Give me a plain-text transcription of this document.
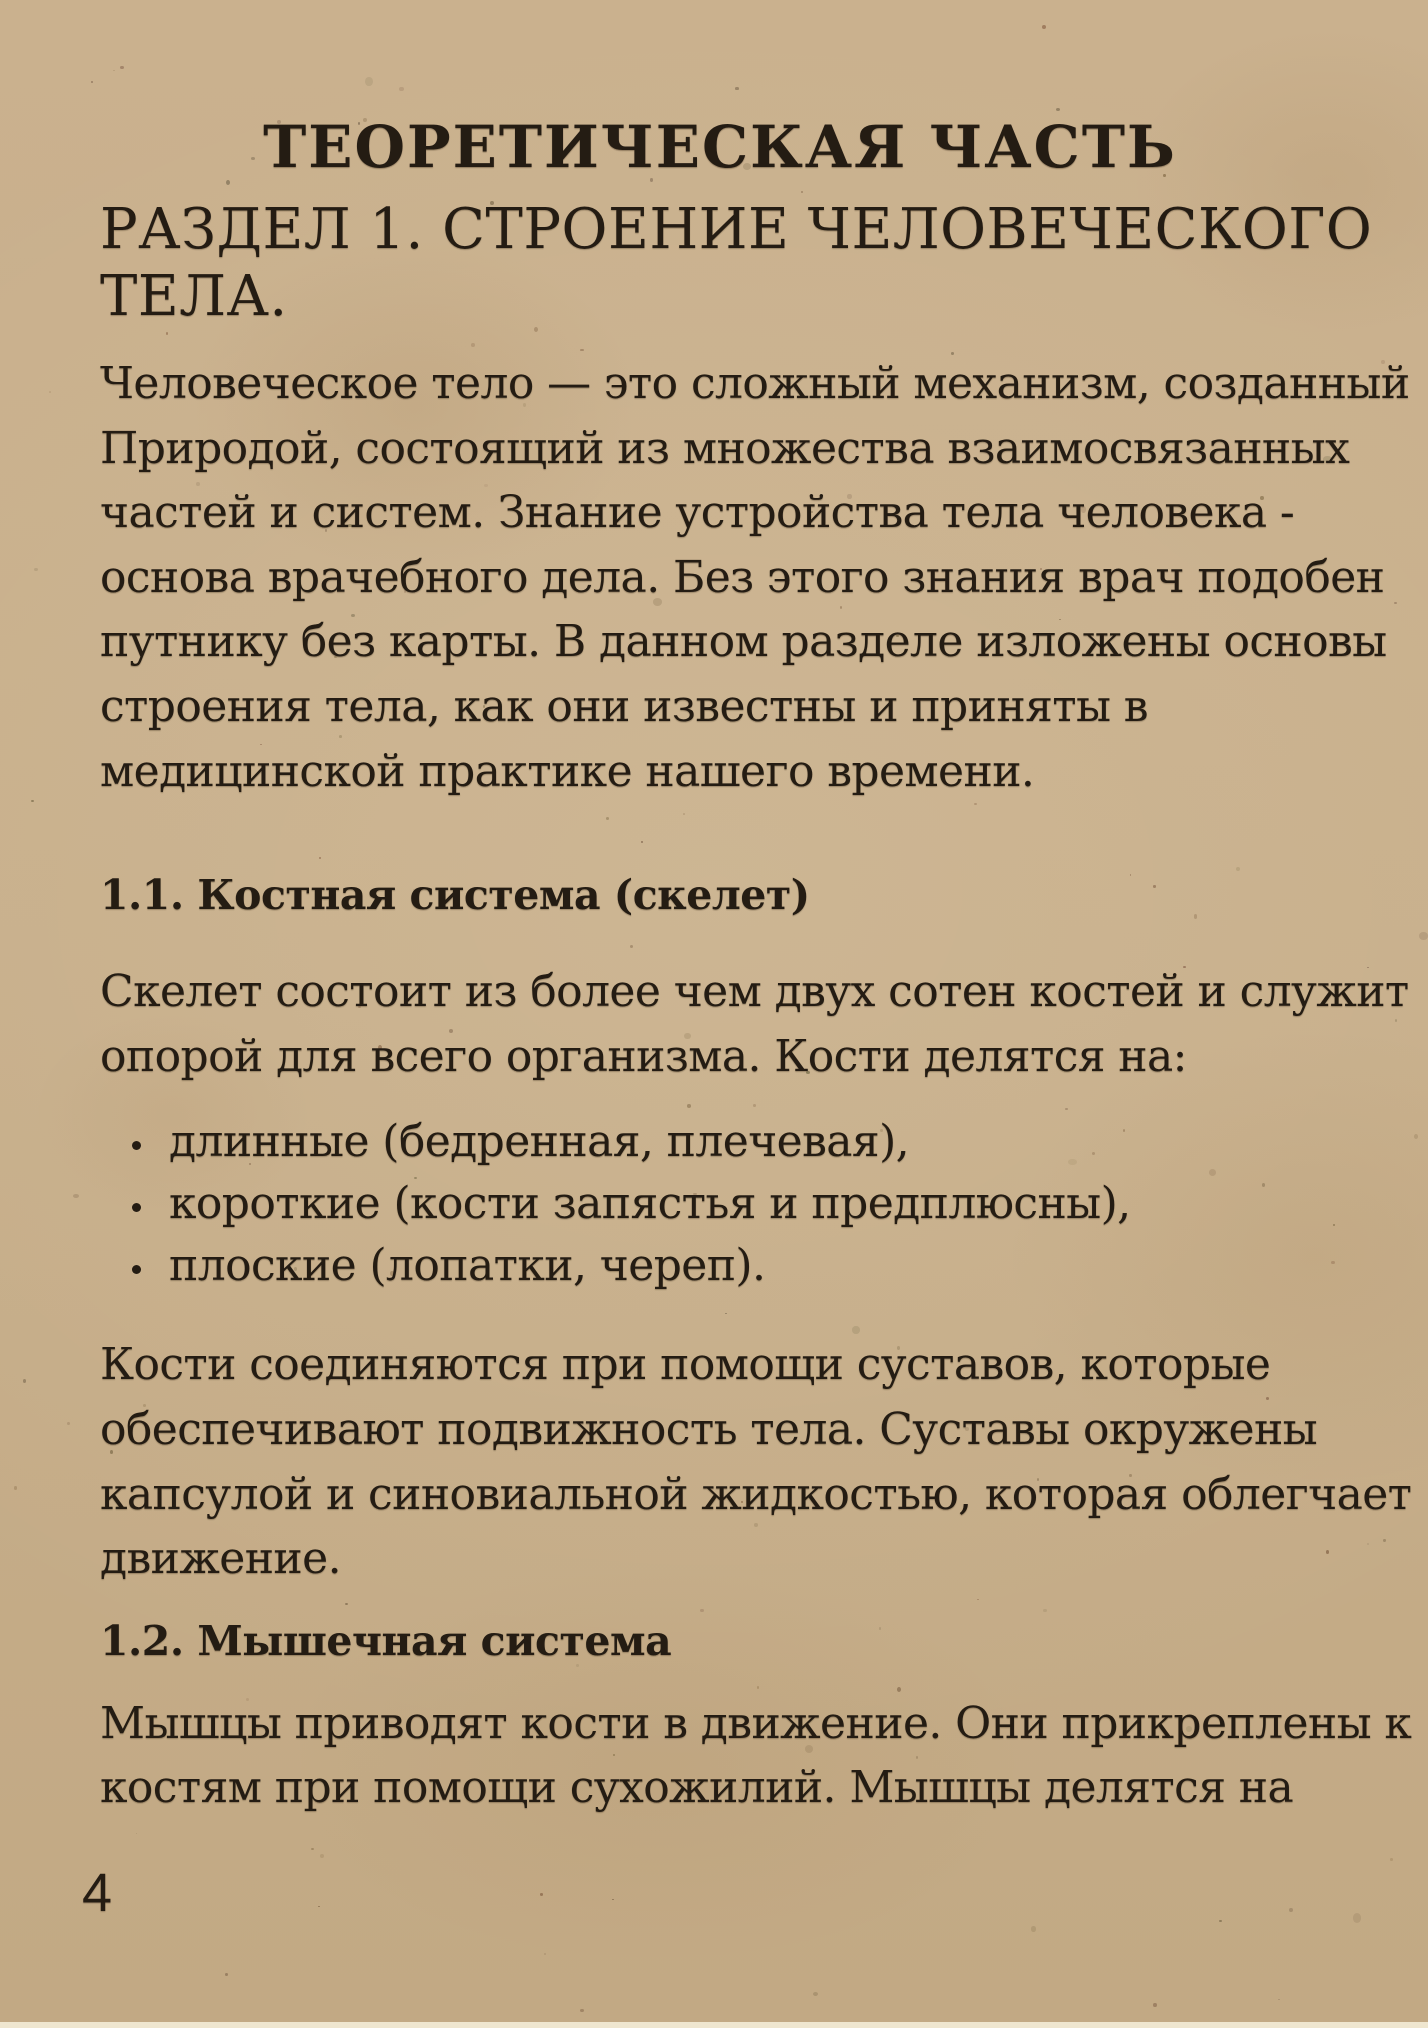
ТЕОРЕТИЧЕСКАЯ ЧАСТЬ
РАЗДЕЛ 1. СТРОЕНИЕ ЧЕЛОВЕЧЕСКОГО
ТЕЛА.
Человеческое тело — это сложный механизм, созданный
Природой, состоящий из множества взаимосвязанных
частей и систем. Знание устройства тела человека -
основа врачебного дела. Без этого знания врач подобен
путнику без карты. В данном разделе изложены основы
строения тела, как они известны и приняты в
медицинской практике нашего времени.
1.1. Костная система (скелет)
Скелет состоит из более чем двух сотен костей и служит
опорой для всего организма. Кости делятся на:
длинные (бедренная, плечевая),
короткие (кости запястья и предплюсны),
плоские (лопатки, череп).
Кости соединяются при помощи суставов, которые
обеспечивают подвижность тела. Суставы окружены
капсулой и синовиальной жидкостью, которая облегчает
движение.
1.2. Мышечная система
Мышцы приводят кости в движение. Они прикреплены к
костям при помощи сухожилий. Мышцы делятся на
4
